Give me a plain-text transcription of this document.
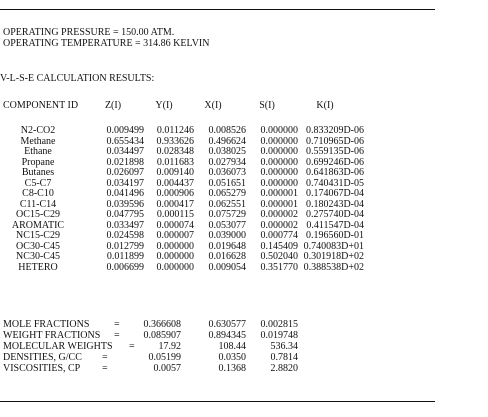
OPERATING PRESSURE = 150.00 ATM.
OPERATING TEMPERATURE = 314.86 KELVIN
V-L-S-E CALCULATION RESULTS:
COMPONENT ID	Z(I)	Y(I)	X(I)	S(I)	K(I)
N2-CO2	0.009499	0.011246	0.008526	0.000000 0.833209D-06
Methane	0.655434	0.933626	0.496624	0.000000 0.710965D-06
Ethane	0.034497	0.028348	0.038025	0.000000 0.559135D-06
Propane	0.021898	0.011683	0.027934	0.000000 0.699246D-06
Butanes	0.026097	0.009140	0.036073	0.000000 0.641863D-06
C5-C7	0.034197	0.004437	0.051651	0.000000 0.740431D-05
C8-C10	0.041496	0.000906	0.065279	0.000001 0.174067D-04
C11-C14	0.039596	0.000417	0.062551	0.000001 0.180243D-04
OC15-C29	0.047795	0.000115	0.075729	0.000002 0.275740D-04
AROMATIC	0.033497	0.000074	0.053077	0.000002 0.411547D-04
NC15-C29	0.024598	0.000007	0.039000	0.000774 0.196560D-01
OC30-C45	0.012799	0.000000	0.019648	0.145409 0.740083D+01
NC30-C45	0.011899	0.000000	0.016628	0.502040 0.301918D+02
HETERO	0.006699	0.000000	0.009054	0.351770 0.388538D+02
MOLE FRACTIONS =	0.366608	0.630577	0.002815
WEIGHT FRACTIONS =	0.085907	0.894345	0.019748
MOLECULAR WEIGHTS =	17.92	108.44	536.34
DENSITIES, G/CC =	0.05199	0.0350	0.7814
VISCOSITIES, CP =	0.0057	0.1368	2.8820
